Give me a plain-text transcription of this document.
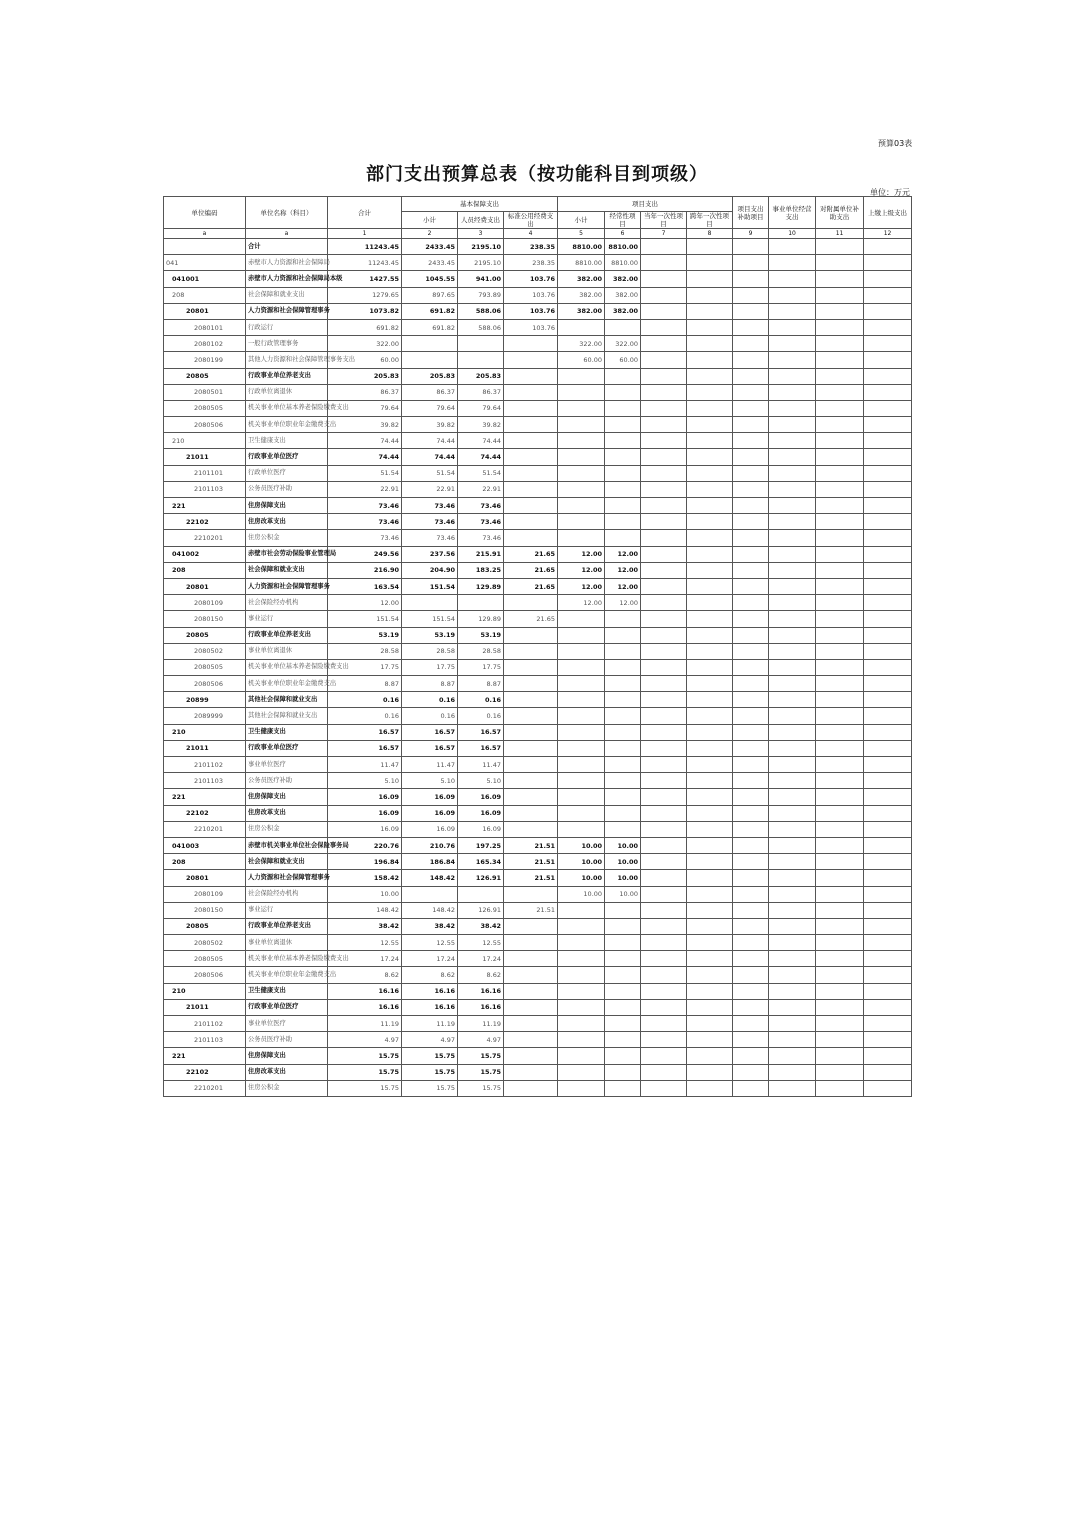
预算03表
部门支出预算总表（按功能科目到项级）
单位：万元
单位编码	单位名称（科目）	合计	基本保障支出			项目支出				项目支出补助项目	事业单位经营支出	对附属单位补助支出	上缴上级支出
			小计	人员经费支出	标准公用经费支出	小计	经常性项目	当年一次性项目	跨年一次性项目				
a	a	1	2	3	4	5	6	7	8	9	10	11	12
	合计	11243.45	2433.45	2195.10	238.35	8810.00	8810.00						
041	赤壁市人力资源和社会保障局	11243.45	2433.45	2195.10	238.35	8810.00	8810.00						
041001	赤壁市人力资源和社会保障局本级	1427.55	1045.55	941.00	103.76	382.00	382.00						
208	社会保障和就业支出	1279.65	897.65	793.89	103.76	382.00	382.00						
20801	人力资源和社会保障管理事务	1073.82	691.82	588.06	103.76	382.00	382.00						
2080101	行政运行	691.82	691.82	588.06	103.76								
2080102	一般行政管理事务	322.00				322.00	322.00						
2080199	其他人力资源和社会保障管理事务支出	60.00				60.00	60.00						
20805	行政事业单位养老支出	205.83	205.83	205.83									
2080501	行政单位离退休	86.37	86.37	86.37									
2080505	机关事业单位基本养老保险缴费支出	79.64	79.64	79.64									
2080506	机关事业单位职业年金缴费支出	39.82	39.82	39.82									
210	卫生健康支出	74.44	74.44	74.44									
21011	行政事业单位医疗	74.44	74.44	74.44									
2101101	行政单位医疗	51.54	51.54	51.54									
2101103	公务员医疗补助	22.91	22.91	22.91									
221	住房保障支出	73.46	73.46	73.46									
22102	住房改革支出	73.46	73.46	73.46									
2210201	住房公积金	73.46	73.46	73.46									
041002	赤壁市社会劳动保险事业管理局	249.56	237.56	215.91	21.65	12.00	12.00						
208	社会保障和就业支出	216.90	204.90	183.25	21.65	12.00	12.00						
20801	人力资源和社会保障管理事务	163.54	151.54	129.89	21.65	12.00	12.00						
2080109	社会保险经办机构	12.00				12.00	12.00						
2080150	事业运行	151.54	151.54	129.89	21.65								
20805	行政事业单位养老支出	53.19	53.19	53.19									
2080502	事业单位离退休	28.58	28.58	28.58									
2080505	机关事业单位基本养老保险缴费支出	17.75	17.75	17.75									
2080506	机关事业单位职业年金缴费支出	8.87	8.87	8.87									
20899	其他社会保障和就业支出	0.16	0.16	0.16									
2089999	其他社会保障和就业支出	0.16	0.16	0.16									
210	卫生健康支出	16.57	16.57	16.57									
21011	行政事业单位医疗	16.57	16.57	16.57									
2101102	事业单位医疗	11.47	11.47	11.47									
2101103	公务员医疗补助	5.10	5.10	5.10									
221	住房保障支出	16.09	16.09	16.09									
22102	住房改革支出	16.09	16.09	16.09									
2210201	住房公积金	16.09	16.09	16.09									
041003	赤壁市机关事业单位社会保险事务局	220.76	210.76	197.25	21.51	10.00	10.00						
208	社会保障和就业支出	196.84	186.84	165.34	21.51	10.00	10.00						
20801	人力资源和社会保障管理事务	158.42	148.42	126.91	21.51	10.00	10.00						
2080109	社会保险经办机构	10.00				10.00	10.00						
2080150	事业运行	148.42	148.42	126.91	21.51								
20805	行政事业单位养老支出	38.42	38.42	38.42									
2080502	事业单位离退休	12.55	12.55	12.55									
2080505	机关事业单位基本养老保险缴费支出	17.24	17.24	17.24									
2080506	机关事业单位职业年金缴费支出	8.62	8.62	8.62									
210	卫生健康支出	16.16	16.16	16.16									
21011	行政事业单位医疗	16.16	16.16	16.16									
2101102	事业单位医疗	11.19	11.19	11.19									
2101103	公务员医疗补助	4.97	4.97	4.97									
221	住房保障支出	15.75	15.75	15.75									
22102	住房改革支出	15.75	15.75	15.75									
2210201	住房公积金	15.75	15.75	15.75									
